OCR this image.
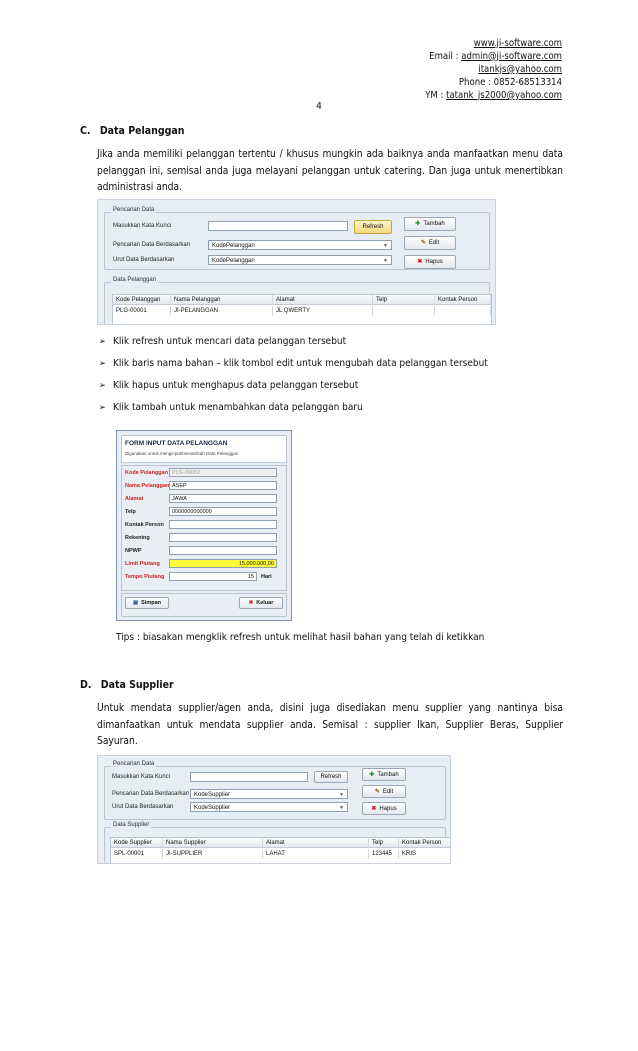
www.ji-software.com
Email : admin@ji-software.com
itankjs@yahoo.com
Phone : 0852-68513314
YM : tatank_js2000@yahoo.com
4
C. Data Pelanggan
Jika anda memiliki pelanggan tertentu / khusus mungkin ada baiknya anda manfaatkan menu data pelanggan ini, semisal anda juga melayani pelanggan untuk catering. Dan juga untuk menertibkan administrasi anda.
Pencarian Data
Masukkan Kata Kunci	Refresh
Pencarian Data Berdasarkan	KodePelanggan	▼
Urut Data Berdasarkan	KodePelanggan	▼
✚ Tambah
✎ Edit
✖ Hapus
Data Pelanggan
Kode Pelanggan	Nama Pelanggan	Alamat	Telp	Kontak Person
PLG-00001	JI-PELANGGAN	JL QWERTY
➢ Klik refresh untuk mencari data pelanggan tersebut
➢ Klik baris nama bahan – klik tombol edit untuk mengubah data pelanggan tersebut
➢ Klik hapus untuk menghapus data pelanggan tersebut
➢ Klik tambah untuk menambahkan data pelanggan baru
FORM INPUT DATA PELANGGAN
Digunakan untuk menginput/menambah Data Pelanggan
Kode Pelanggan PLG-00002
Nama Pelanggan ASEP
Alamat	JAWA
Telp	0000000000000
Kontak Person
Rekening
NPWP
Limit Piutang	15.000.000,00
Tempo Piutang	15	Hari
▣ Simpan	✖ Keluar
Tips : biasakan mengklik refresh untuk melihat hasil bahan yang telah di ketikkan
D. Data Supplier
Untuk mendata supplier/agen anda, disini juga disediakan menu supplier yang nantinya bisa dimanfaatkan untuk mendata supplier anda. Semisal : supplier Ikan, Supplier Beras, Supplier Sayuran.
Pencarian Data
Masukkan Kata Kunci	Refresh
Pencarian Data Berdasarkan KodeSupplier	▼
Urut Data Berdasarkan	KodeSupplier	▼
✚ Tambah
✎ Edit
✖ Hapus
Data Supplier
Kode Supplier	Nama Supplier	Alamat	Telp	Kontak Person
SPL-00001	JI-SUPPLIER	LAHAT	123445	KRIS
